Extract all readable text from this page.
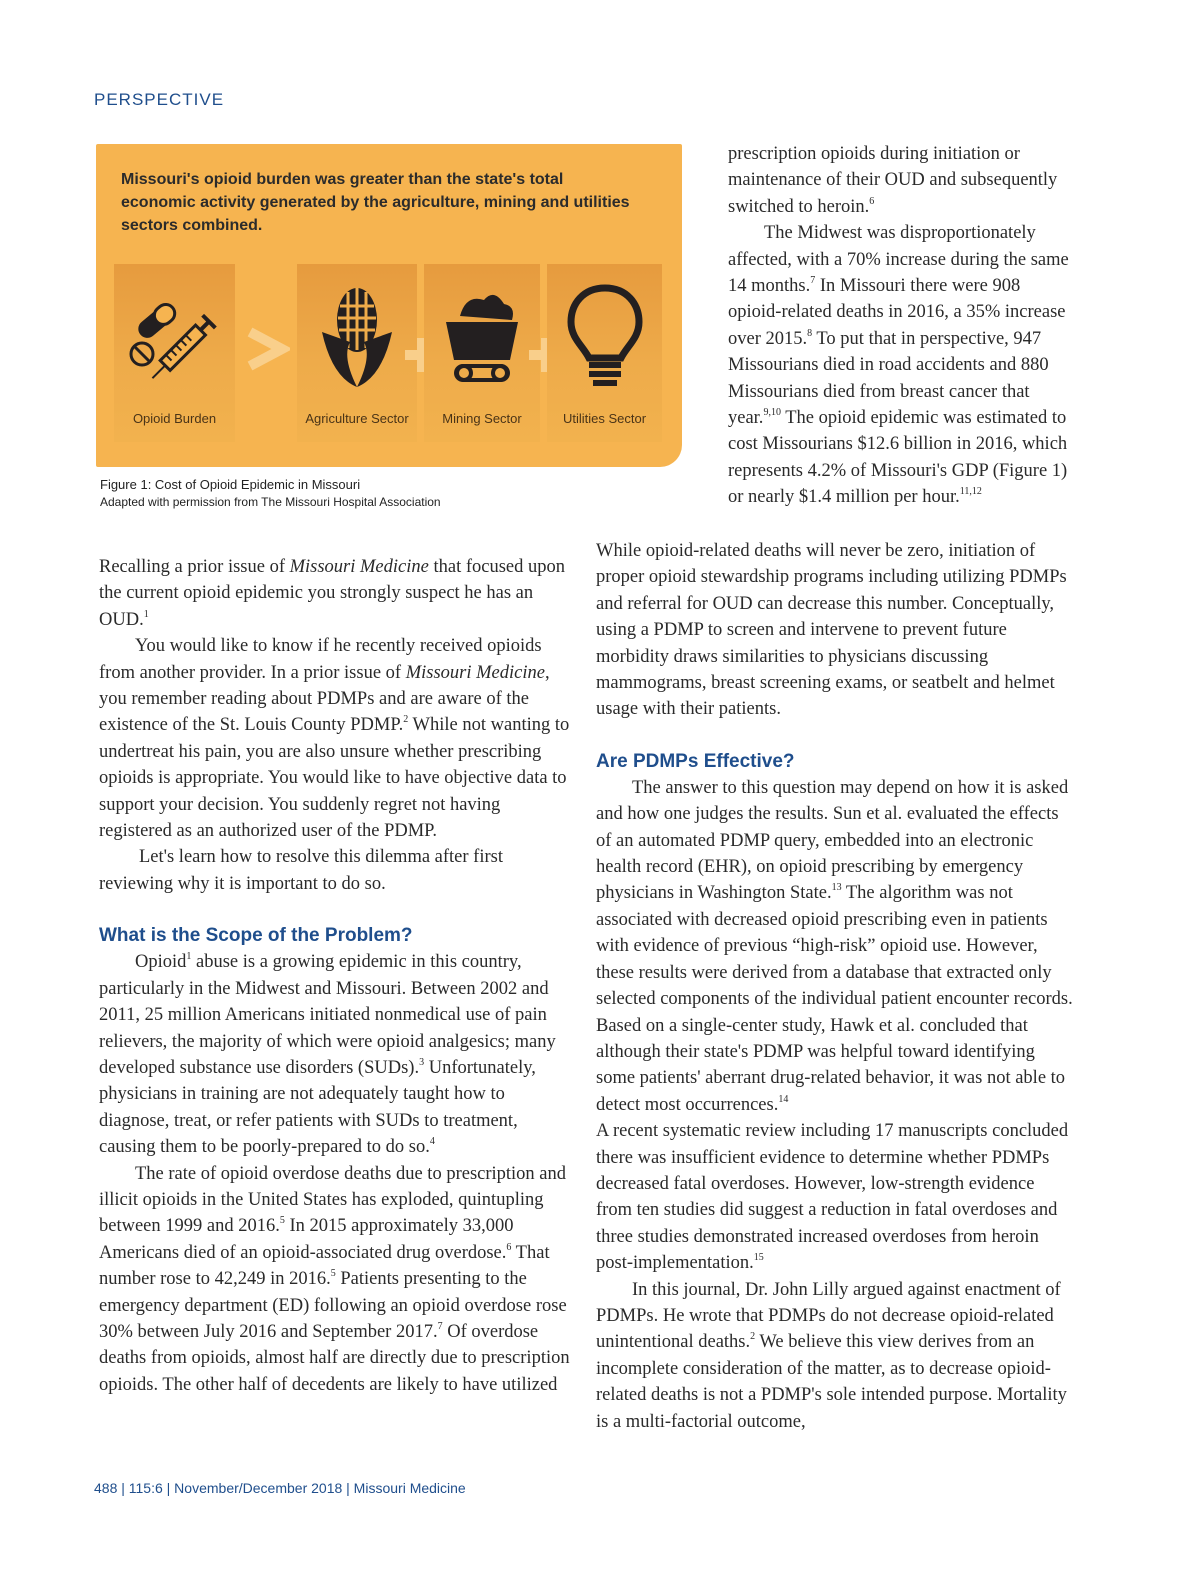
PERSPECTIVE
Missouri's opioid burden was greater than the state's total economic activity generated by the agriculture, mining and utilities sectors combined.
Opioid Burden	Agriculture Sector	Mining Sector	Utilities Sector
Figure 1: Cost of Opioid Epidemic in Missouri
Adapted with permission from The Missouri Hospital Association

Recalling a prior issue of Missouri Medicine that focused upon the current opioid epidemic you strongly suspect he has an OUD.$^1$

You would like to know if he recently received opioids from another provider. In a prior issue of Missouri Medicine, you remember reading about PDMPs and are aware of the existence of the St. Louis County PDMP.$^2$ While not wanting to undertreat his pain, you are also unsure whether prescribing opioids is appropriate. You would like to have objective data to support your decision. You suddenly regret not having registered as an authorized user of the PDMP.

Let's learn how to resolve this dilemma after first reviewing why it is important to do so.

What is the Scope of the Problem?

Opioid$^1$ abuse is a growing epidemic in this country, particularly in the Midwest and Missouri. Between 2002 and 2011, 25 million Americans initiated nonmedical use of pain relievers, the majority of which were opioid analgesics; many developed substance use disorders (SUDs).$^3$ Unfortunately, physicians in training are not adequately taught how to diagnose, treat, or refer patients with SUDs to treatment, causing them to be poorly-prepared to do so.$^4$

The rate of opioid overdose deaths due to prescription and illicit opioids in the United States has exploded, quintupling between 1999 and 2016.$^5$ In 2015 approximately 33,000 Americans died of an opioid-associated drug overdose.$^6$ That number rose to 42,249 in 2016.$^5$ Patients presenting to the emergency department (ED) following an opioid overdose rose 30% between July 2016 and September 2017.$^7$ Of overdose deaths from opioids, almost half are directly due to prescription opioids. The other half of decedents are likely to have utilized

prescription opioids during initiation or maintenance of their OUD and subsequently switched to heroin.$^6$

The Midwest was disproportionately affected, with a 70% increase during the same 14 months.$^7$ In Missouri there were 908 opioid-related deaths in 2016, a 35% increase over 2015.$^8$ To put that in perspective, 947 Missourians died in road accidents and 880 Missourians died from breast cancer that year.$^{9,10}$ The opioid epidemic was estimated to cost Missourians $12.6 billion in 2016, which represents 4.2% of Missouri's GDP (Figure 1) or nearly $1.4 million per hour.$^{11,12}$

While opioid-related deaths will never be zero, initiation of proper opioid stewardship programs including utilizing PDMPs and referral for OUD can decrease this number. Conceptually, using a PDMP to screen and intervene to prevent future morbidity draws similarities to physicians discussing mammograms, breast screening exams, or seatbelt and helmet usage with their patients.

Are PDMPs Effective?

The answer to this question may depend on how it is asked and how one judges the results. Sun et al. evaluated the effects of an automated PDMP query, embedded into an electronic health record (EHR), on opioid prescribing by emergency physicians in Washington State.$^{13}$ The algorithm was not associated with decreased opioid prescribing even in patients with evidence of previous “high-risk” opioid use. However, these results were derived from a database that extracted only selected components of the individual patient encounter records. Based on a single-center study, Hawk et al. concluded that although their state's PDMP was helpful toward identifying some patients' aberrant drug-related behavior, it was not able to detect most occurrences.$^{14}$

A recent systematic review including 17 manuscripts concluded there was insufficient evidence to determine whether PDMPs decreased fatal overdoses. However, low-strength evidence from ten studies did suggest a reduction in fatal overdoses and three studies demonstrated increased overdoses from heroin post-implementation.$^{15}$

In this journal, Dr. John Lilly argued against enactment of PDMPs. He wrote that PDMPs do not decrease opioid-related unintentional deaths.$^2$ We believe this view derives from an incomplete consideration of the matter, as to decrease opioid-related deaths is not a PDMP's sole intended purpose. Mortality is a multi-factorial outcome,

488 | 115:6 | November/December 2018 | Missouri Medicine
